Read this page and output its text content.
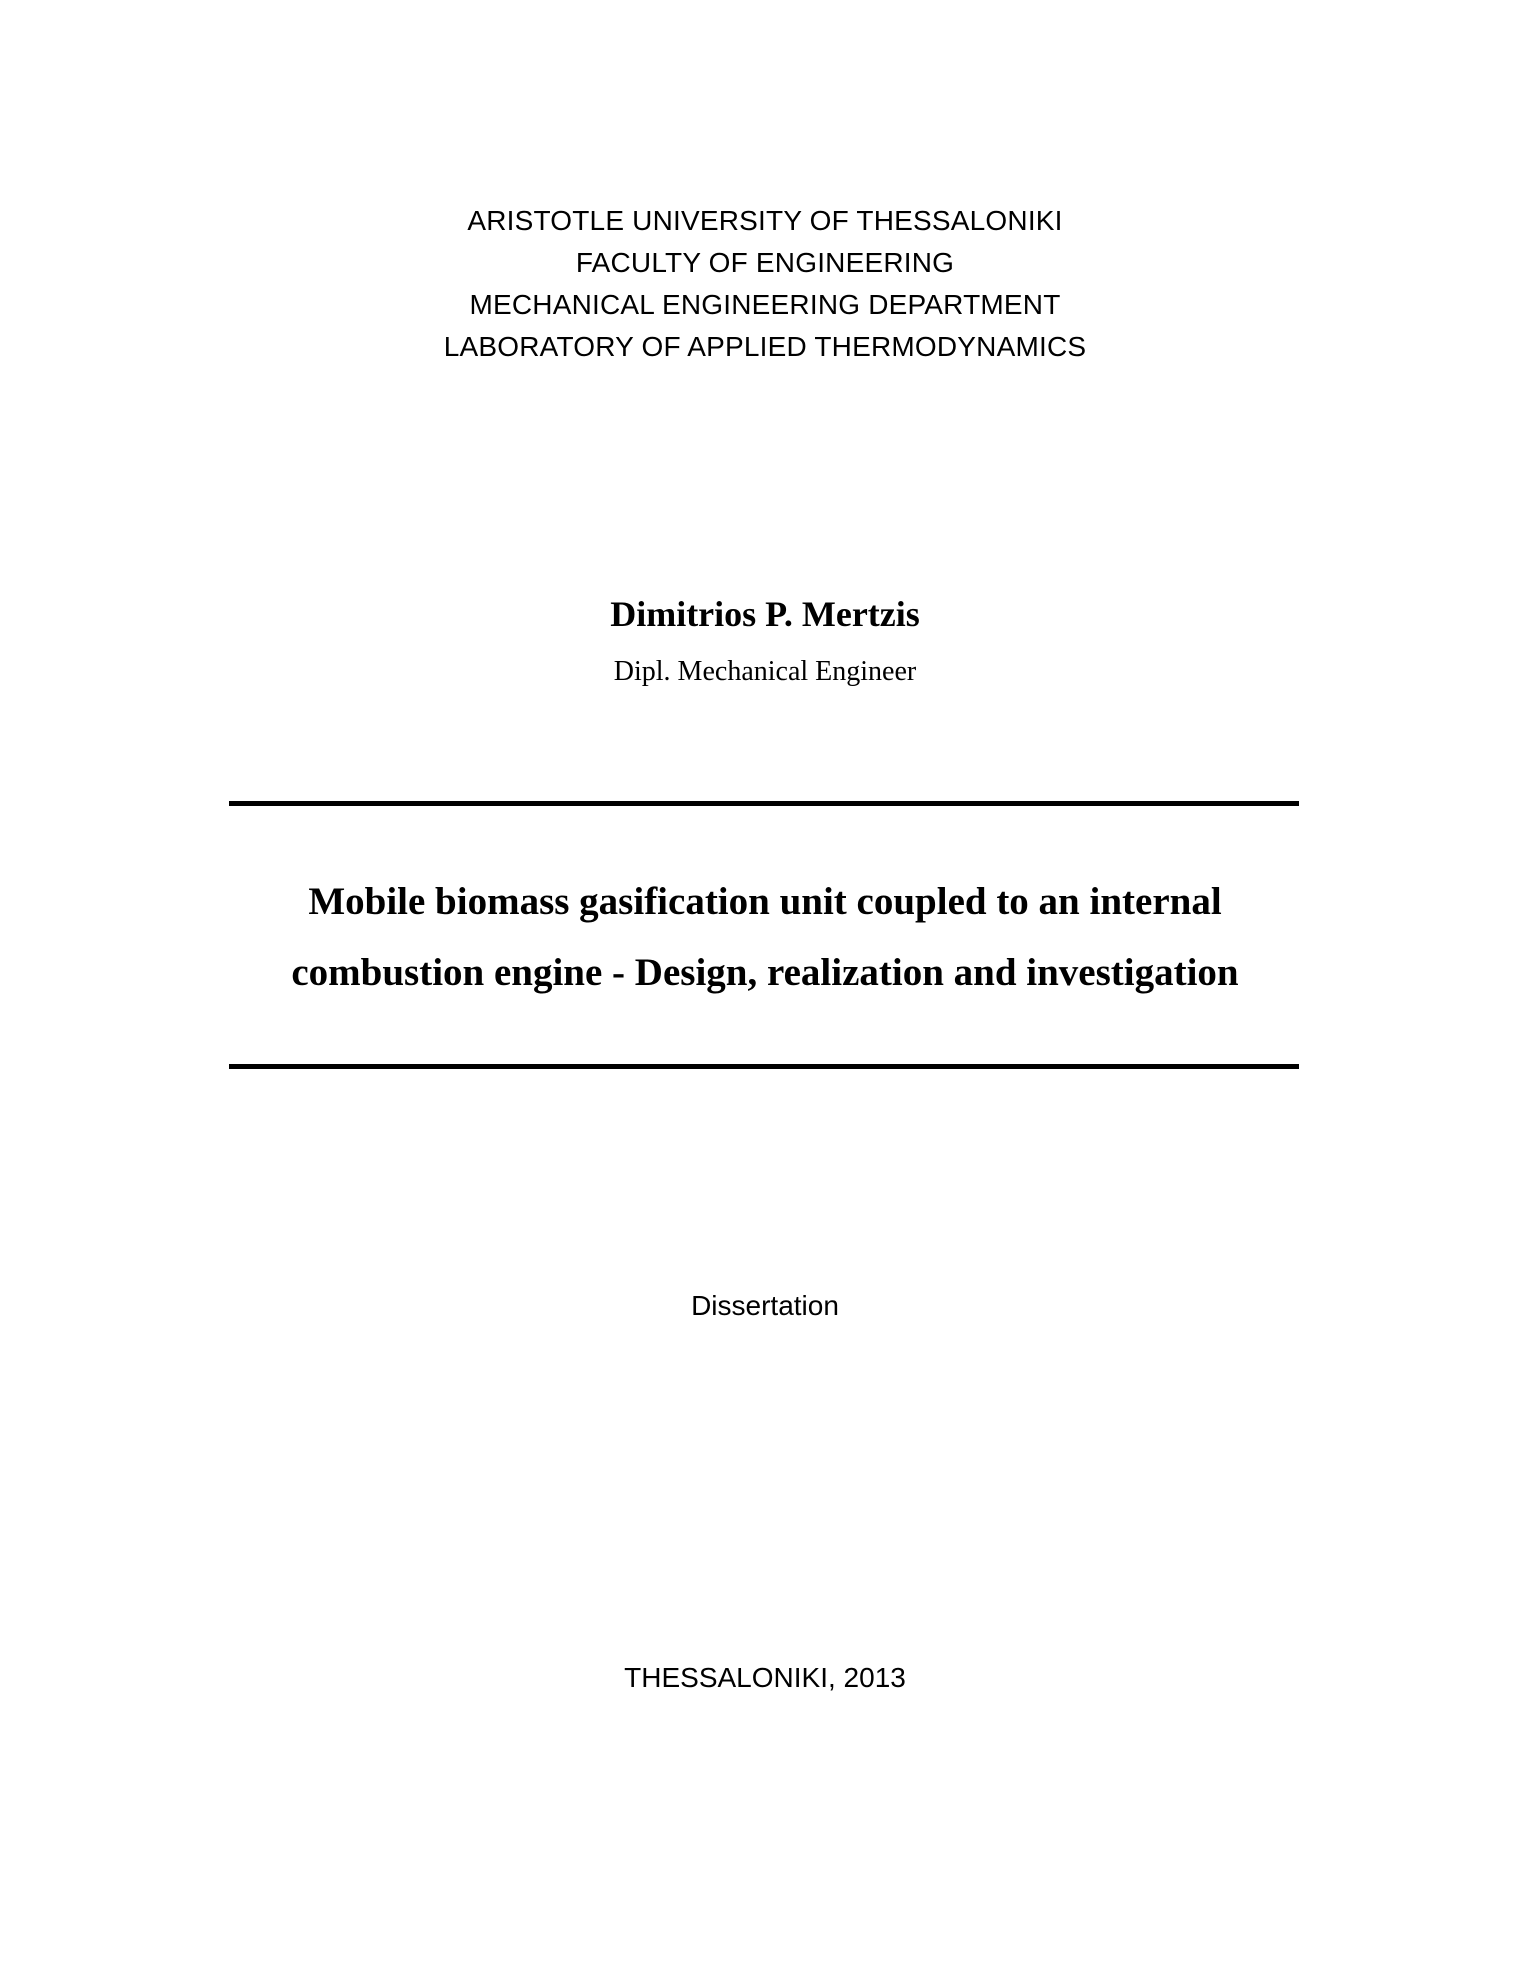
ARISTOTLE UNIVERSITY OF THESSALONIKI
FACULTY OF ENGINEERING
MECHANICAL ENGINEERING DEPARTMENT
LABORATORY OF APPLIED THERMODYNAMICS
Dimitrios P. Mertzis
Dipl. Mechanical Engineer
Mobile biomass gasification unit coupled to an internal
combustion engine - Design, realization and investigation
Dissertation
THESSALONIKI, 2013
